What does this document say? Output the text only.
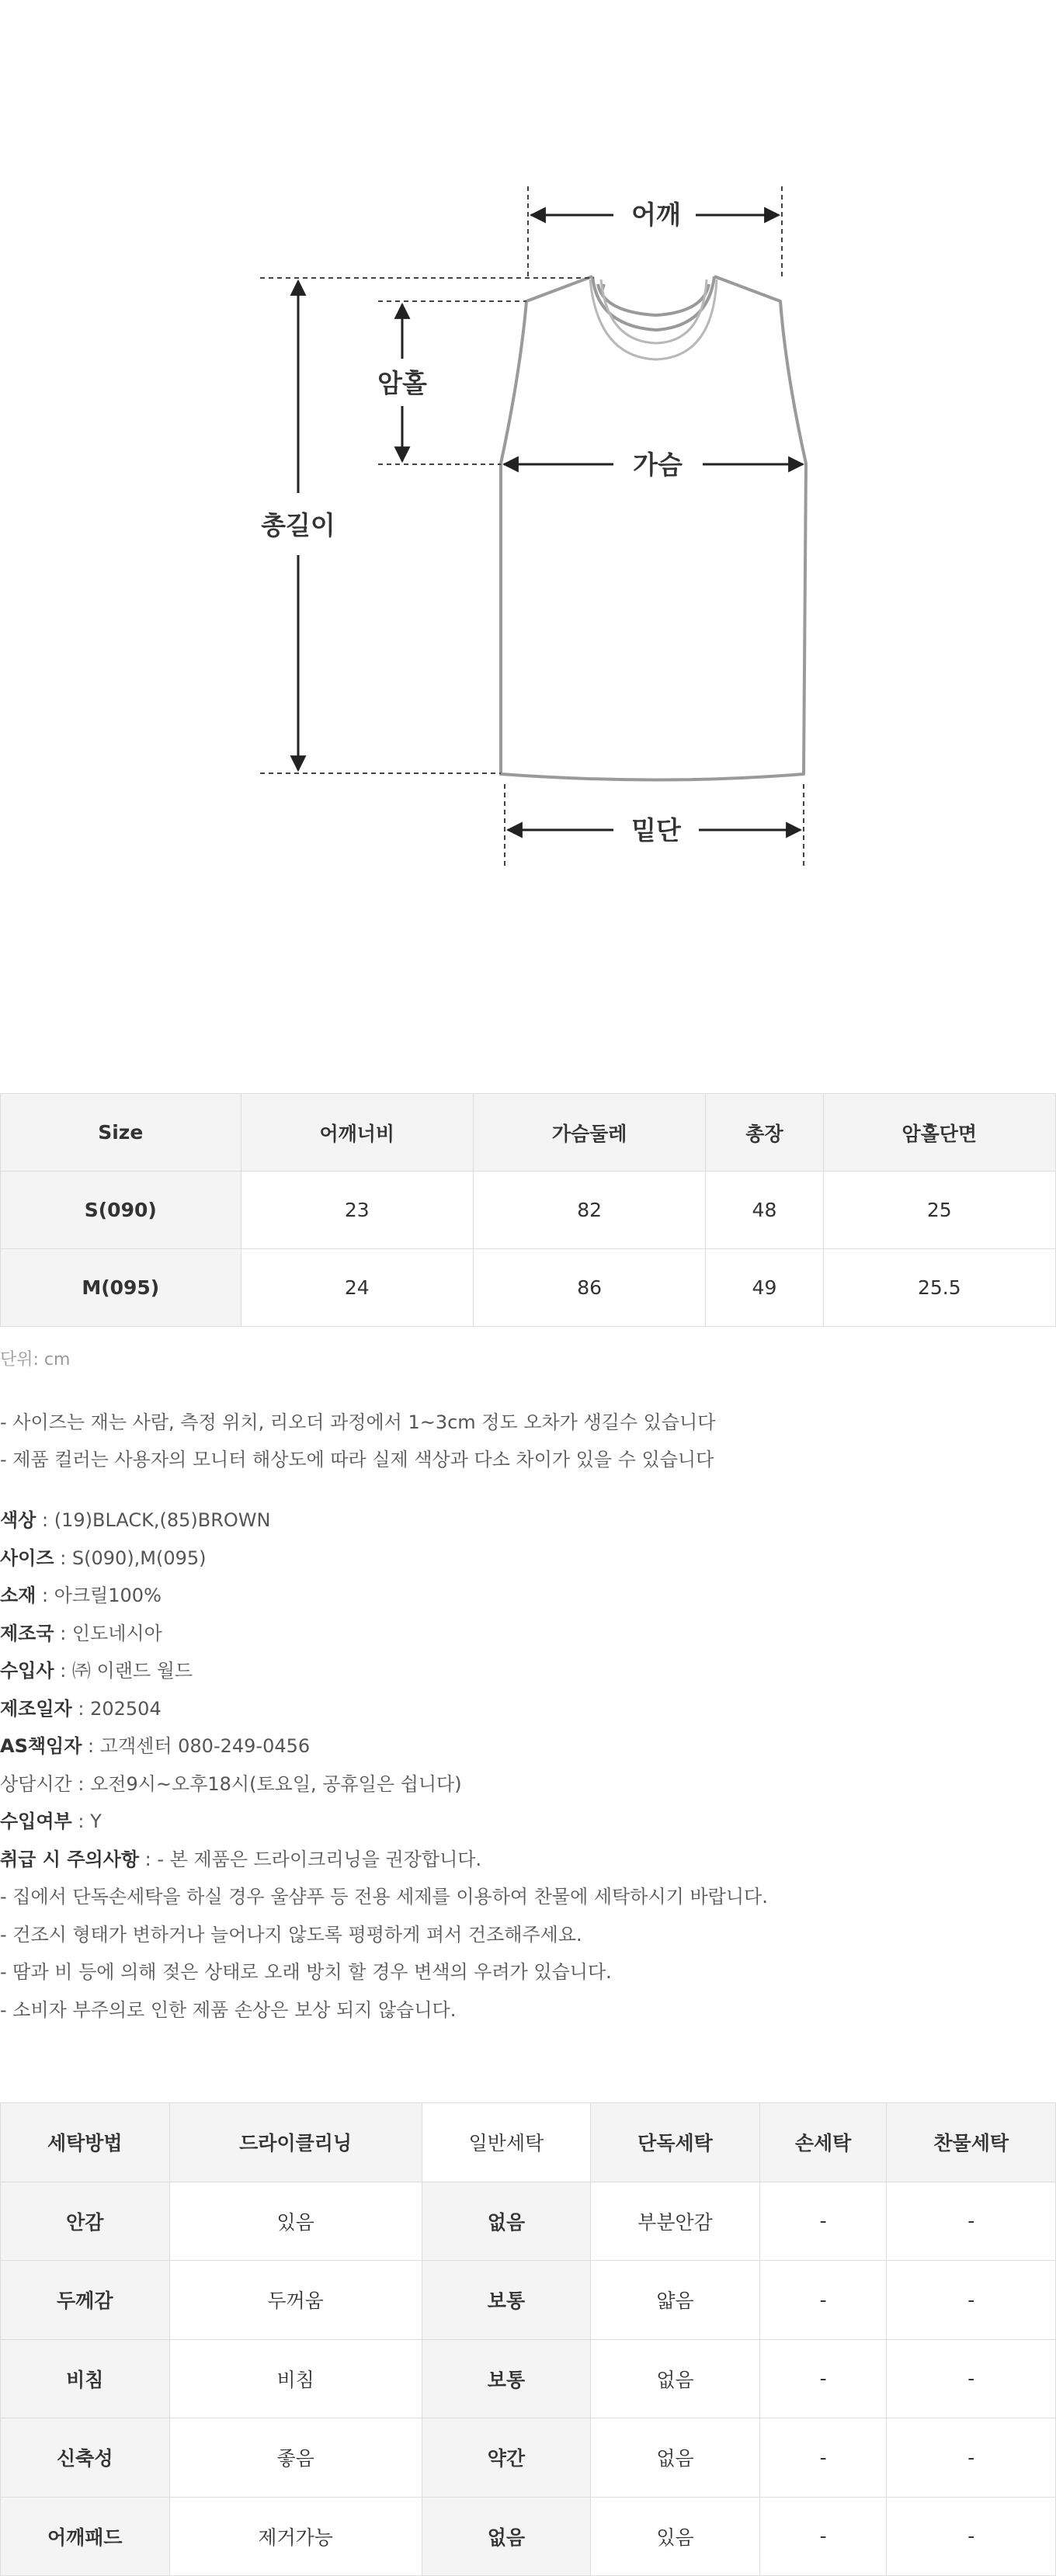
어깨
암홀
총길이
가슴
밑단
Size	어깨너비	가슴둘레	총장	암홀단면
S(090)	23	82	48	25
M(095)	24	86	49	25.5
단위: cm
- 사이즈는 재는 사람, 측정 위치, 리오더 과정에서 1~3cm 정도 오차가 생길수 있습니다
- 제품 컬러는 사용자의 모니터 해상도에 따라 실제 색상과 다소 차이가 있을 수 있습니다
색상 : (19)BLACK,(85)BROWN
사이즈 : S(090),M(095)
소재 : 아크릴100%
제조국 : 인도네시아
수입사 : ㈜ 이랜드 월드
제조일자 : 202504
AS책임자 : 고객센터 080-249-0456
상담시간 : 오전9시~오후18시(토요일, 공휴일은 쉽니다)
수입여부 : Y
취급 시 주의사항 : - 본 제품은 드라이크리닝을 권장합니다.
- 집에서 단독손세탁을 하실 경우 울샴푸 등 전용 세제를 이용하여 찬물에 세탁하시기 바랍니다.
- 건조시 형태가 변하거나 늘어나지 않도록 평평하게 펴서 건조해주세요.
- 땀과 비 등에 의해 젖은 상태로 오래 방치 할 경우 변색의 우려가 있습니다.
- 소비자 부주의로 인한 제품 손상은 보상 되지 않습니다.
세탁방법	드라이클리닝	일반세탁	단독세탁	손세탁	찬물세탁
안감	있음	없음	부분안감	-	-
두께감	두꺼움	보통	얇음	-	-
비침	비침	보통	없음	-	-
신축성	좋음	약간	없음	-	-
어깨패드	제거가능	없음	있음	-	-
